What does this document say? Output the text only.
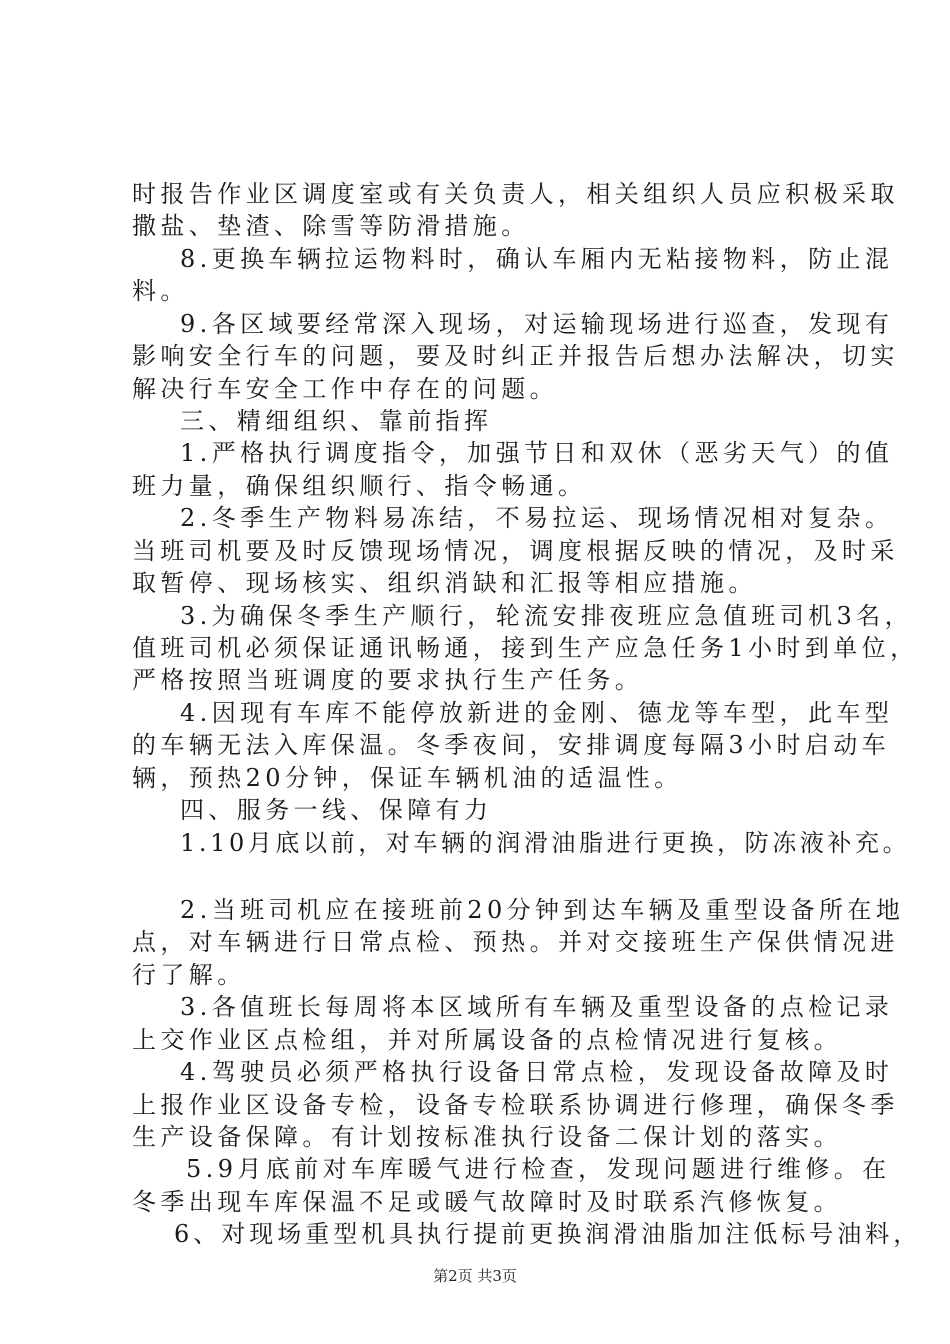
时报告作业区调度室或有关负责人，相关组织人员应积极采取
撒盐、垫渣、除雪等防滑措施。
8.更换车辆拉运物料时，确认车厢内无粘接物料，防止混
料。
9.各区域要经常深入现场，对运输现场进行巡查，发现有
影响安全行车的问题，要及时纠正并报告后想办法解决，切实
解决行车安全工作中存在的问题。
三、精细组织、靠前指挥
1.严格执行调度指令，加强节日和双休（恶劣天气）的值
班力量，确保组织顺行、指令畅通。
2.冬季生产物料易冻结，不易拉运、现场情况相对复杂。
当班司机要及时反馈现场情况，调度根据反映的情况，及时采
取暂停、现场核实、组织消缺和汇报等相应措施。
3.为确保冬季生产顺行，轮流安排夜班应急值班司机3名，
值班司机必须保证通讯畅通，接到生产应急任务1小时到单位，
严格按照当班调度的要求执行生产任务。
4.因现有车库不能停放新进的金刚、德龙等车型，此车型
的车辆无法入库保温。冬季夜间，安排调度每隔3小时启动车
辆，预热20分钟，保证车辆机油的适温性。
四、服务一线、保障有力
1.10月底以前，对车辆的润滑油脂进行更换，防冻液补充。
2.当班司机应在接班前20分钟到达车辆及重型设备所在地
点，对车辆进行日常点检、预热。并对交接班生产保供情况进
行了解。
3.各值班长每周将本区域所有车辆及重型设备的点检记录
上交作业区点检组，并对所属设备的点检情况进行复核。
4.驾驶员必须严格执行设备日常点检，发现设备故障及时
上报作业区设备专检，设备专检联系协调进行修理，确保冬季
生产设备保障。有计划按标准执行设备二保计划的落实。
5.9月底前对车库暖气进行检查，发现问题进行维修。在
冬季出现车库保温不足或暖气故障时及时联系汽修恢复。
6、对现场重型机具执行提前更换润滑油脂加注低标号油料，
第2页 共3页
